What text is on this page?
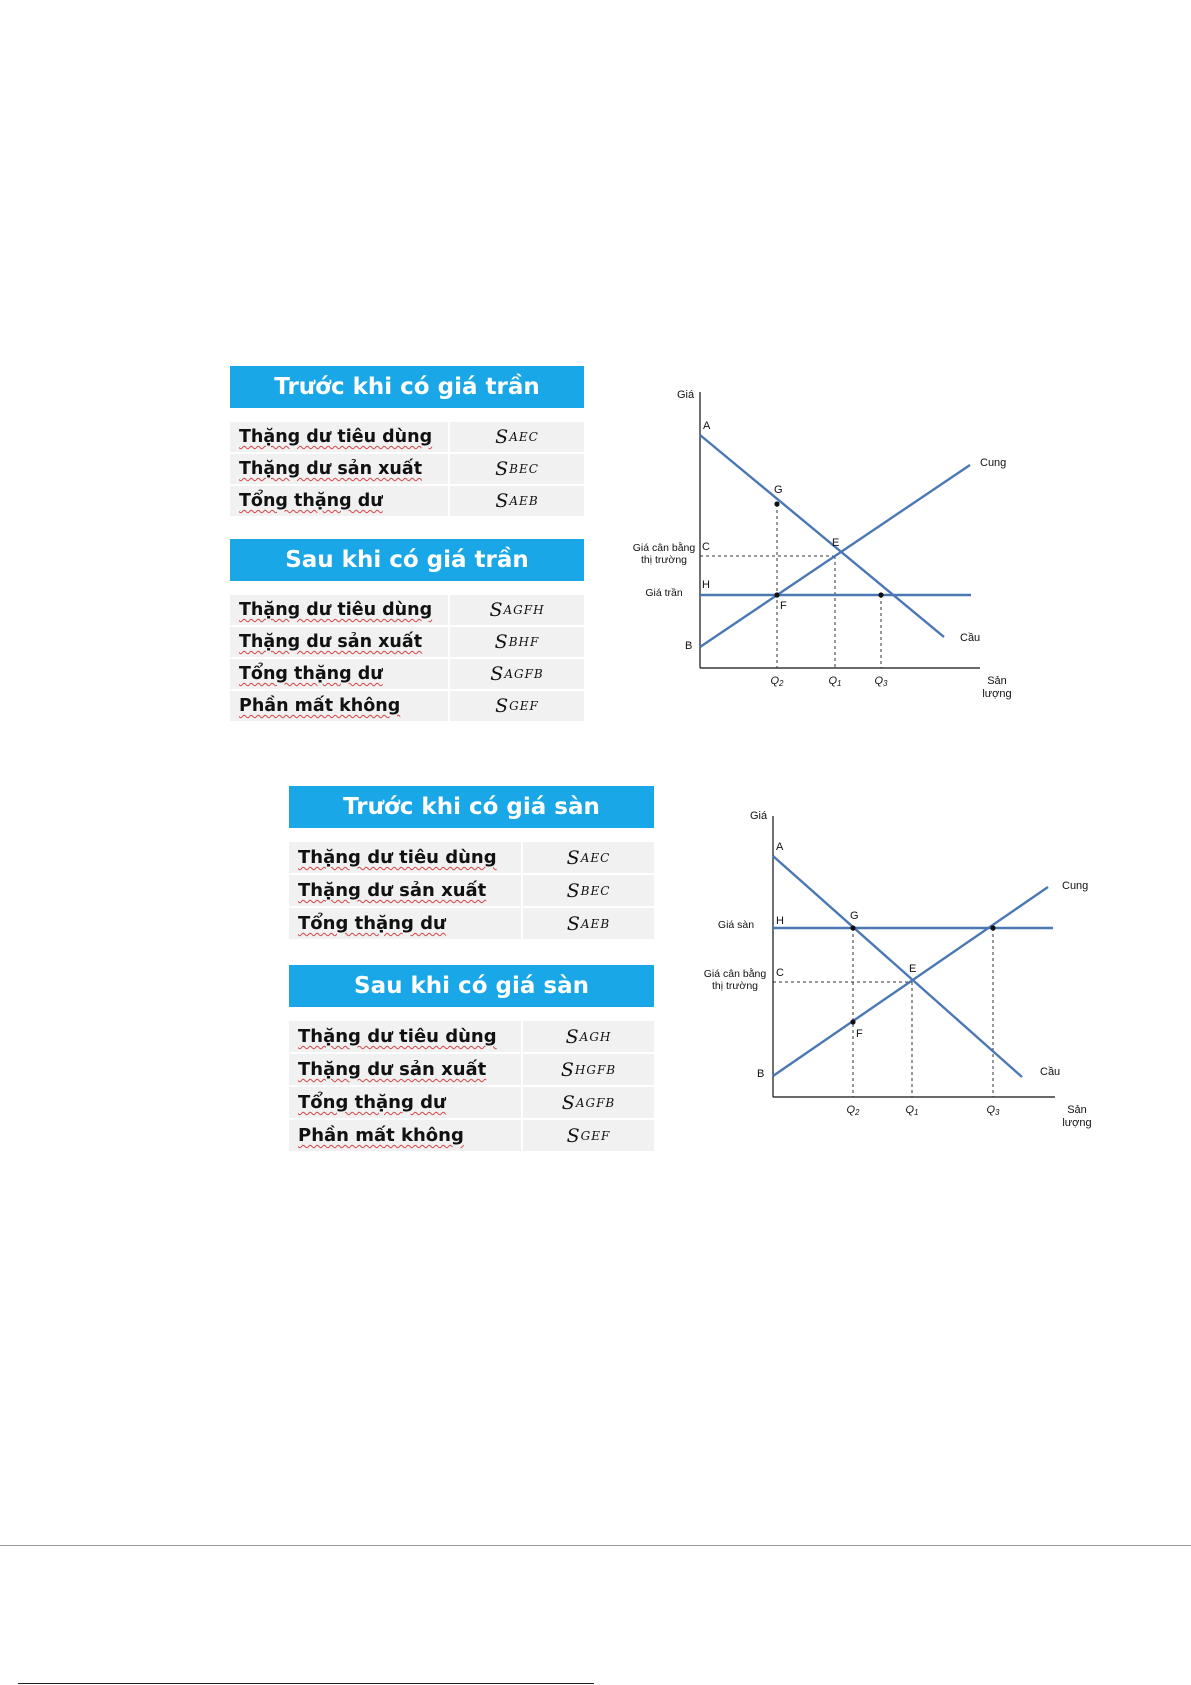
Trước khi có giá trần
Thặng dư tiêu dùng	S AEC
Thặng dư sản xuất	S BEC
Tổng thặng dư	S AEB
Sau khi có giá trần
Thặng dư tiêu dùng	S AGFH
Thặng dư sản xuất	S BHF
Tổng thặng dư	S AGFB
Phần mất không	S GEF
Giá
A
G
E
C
H
F
B
Cung
Cầu
Giá cân bằng
thị trường
Giá trần
Q2	Q1	Q3	Sản
lượng
Trước khi có giá sàn
Thặng dư tiêu dùng	S AEC
Thặng dư sản xuất	S BEC
Tổng thặng dư	S AEB
Sau khi có giá sàn
Thặng dư tiêu dùng	S AGH
Thặng dư sản xuất	S HGFB
Tổng thặng dư	S AGFB
Phần mất không	S GEF
Giá
A
G
H
C	E
F
B
Cung
Cầu
Giá sàn
Giá cân bằng
thị trường
Q2	Q1	Q3	Sản
lượng
